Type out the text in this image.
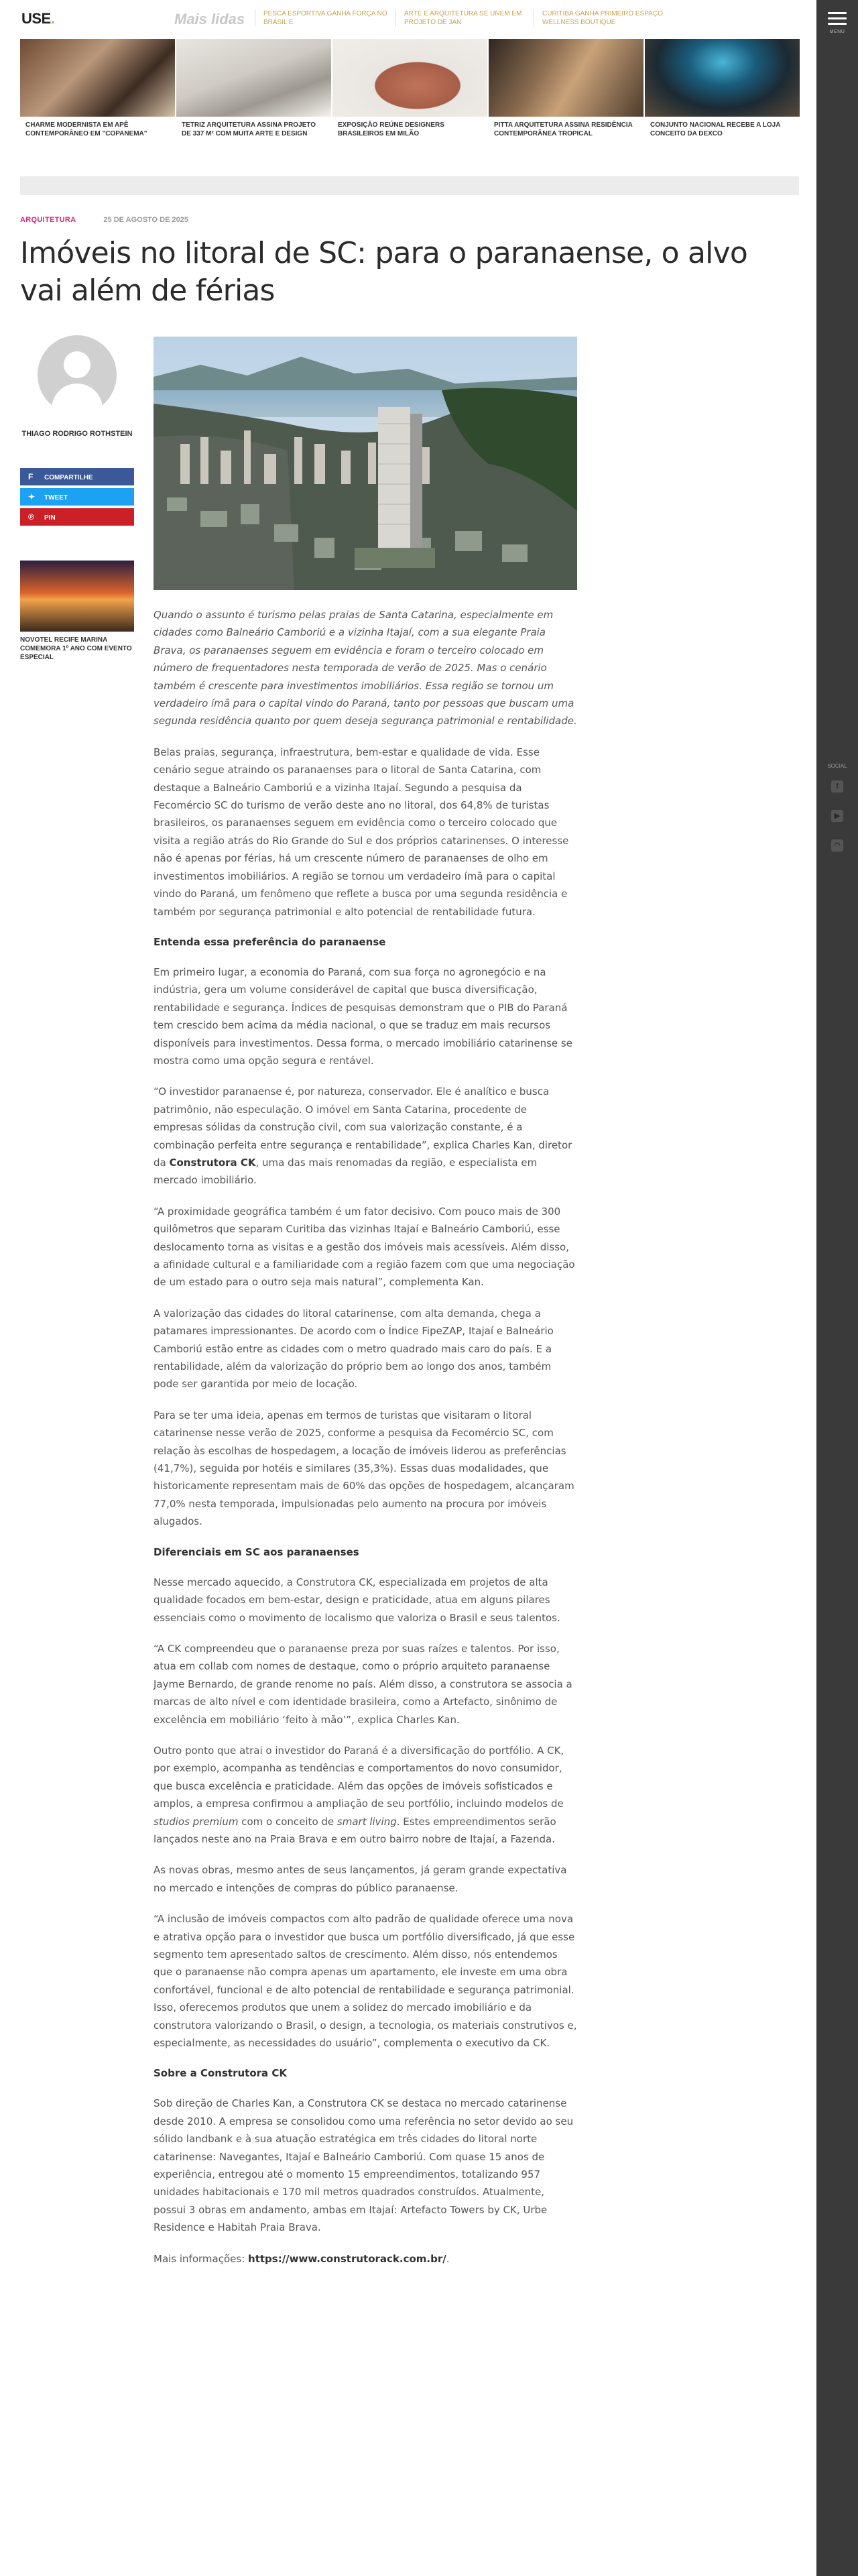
USE.	Mais lidas	PESCA ESPORTIVA GANHA FORÇA NO BRASIL E
ARTE E ARQUITETURA SE UNEM EM PROJETO DE JAN
CURITIBA GANHA PRIMEIRO ESPAÇO WELLNESS BOUTIQUE
MENU
SOCIAL
f
▶
◠
CHARME MODERNISTA EM APÊ CONTEMPORÂNEO EM "COPANEMA"
TETRIZ ARQUITETURA ASSINA PROJETO DE 337 M² COM MUITA ARTE E DESIGN
EXPOSIÇÃO REÚNE DESIGNERS BRASILEIROS EM MILÃO
PITTA ARQUITETURA ASSINA RESIDÊNCIA CONTEMPORÂNEA TROPICAL
CONJUNTO NACIONAL RECEBE A LOJA CONCEITO DA DEXCO
ARQUITETURA	25 DE AGOSTO DE 2025
Imóveis no litoral de SC: para o paranaense, o alvo vai além de férias
THIAGO RODRIGO ROTHSTEIN
F COMPARTILHE
✦ TWEET
℗ PIN
NOVOTEL RECIFE MARINA COMEMORA 1º ANO COM EVENTO ESPECIAL

Quando o assunto é turismo pelas praias de Santa Catarina, especialmente em cidades como Balneário Camboriú e a vizinha Itajaí, com a sua elegante Praia Brava, os paranaenses seguem em evidência e foram o terceiro colocado em número de frequentadores nesta temporada de verão de 2025. Mas o cenário também é crescente para investimentos imobiliários. Essa região se tornou um verdadeiro ímã para o capital vindo do Paraná, tanto por pessoas que buscam uma segunda residência quanto por quem deseja segurança patrimonial e rentabilidade.

Belas praias, segurança, infraestrutura, bem-estar e qualidade de vida. Esse cenário segue atraindo os paranaenses para o litoral de Santa Catarina, com destaque a Balneário Camboriú e a vizinha Itajaí. Segundo a pesquisa da Fecomércio SC do turismo de verão deste ano no litoral, dos 64,8% de turistas brasileiros, os paranaenses seguem em evidência como o terceiro colocado que visita a região atrás do Rio Grande do Sul e dos próprios catarinenses. O interesse não é apenas por férias, há um crescente número de paranaenses de olho em investimentos imobiliários. A região se tornou um verdadeiro ímã para o capital vindo do Paraná, um fenômeno que reflete a busca por uma segunda residência e também por segurança patrimonial e alto potencial de rentabilidade futura.

Entenda essa preferência do paranaense

Em primeiro lugar, a economia do Paraná, com sua força no agronegócio e na indústria, gera um volume considerável de capital que busca diversificação, rentabilidade e segurança. Índices de pesquisas demonstram que o PIB do Paraná tem crescido bem acima da média nacional, o que se traduz em mais recursos disponíveis para investimentos. Dessa forma, o mercado imobiliário catarinense se mostra como uma opção segura e rentável.

“O investidor paranaense é, por natureza, conservador. Ele é analítico e busca patrimônio, não especulação. O imóvel em Santa Catarina, procedente de empresas sólidas da construção civil, com sua valorização constante, é a combinação perfeita entre segurança e rentabilidade”, explica Charles Kan, diretor da Construtora CK, uma das mais renomadas da região, e especialista em mercado imobiliário.

“A proximidade geográfica também é um fator decisivo. Com pouco mais de 300 quilômetros que separam Curitiba das vizinhas Itajaí e Balneário Camboriú, esse deslocamento torna as visitas e a gestão dos imóveis mais acessíveis. Além disso, a afinidade cultural e a familiaridade com a região fazem com que uma negociação de um estado para o outro seja mais natural”, complementa Kan.

A valorização das cidades do litoral catarinense, com alta demanda, chega a patamares impressionantes. De acordo com o Índice FipeZAP, Itajaí e Balneário Camboriú estão entre as cidades com o metro quadrado mais caro do país. E a rentabilidade, além da valorização do próprio bem ao longo dos anos, também pode ser garantida por meio de locação.

Para se ter uma ideia, apenas em termos de turistas que visitaram o litoral catarinense nesse verão de 2025, conforme a pesquisa da Fecomércio SC, com relação às escolhas de hospedagem, a locação de imóveis liderou as preferências (41,7%), seguida por hotéis e similares (35,3%). Essas duas modalidades, que historicamente representam mais de 60% das opções de hospedagem, alcançaram 77,0% nesta temporada, impulsionadas pelo aumento na procura por imóveis alugados.

Diferenciais em SC aos paranaenses

Nesse mercado aquecido, a Construtora CK, especializada em projetos de alta qualidade focados em bem-estar, design e praticidade, atua em alguns pilares essenciais como o movimento de localismo que valoriza o Brasil e seus talentos.

“A CK compreendeu que o paranaense preza por suas raízes e talentos. Por isso, atua em collab com nomes de destaque, como o próprio arquiteto paranaense Jayme Bernardo, de grande renome no país. Além disso, a construtora se associa a marcas de alto nível e com identidade brasileira, como a Artefacto, sinônimo de excelência em mobiliário ‘feito à mão’”, explica Charles Kan.

Outro ponto que atrai o investidor do Paraná é a diversificação do portfólio. A CK, por exemplo, acompanha as tendências e comportamentos do novo consumidor, que busca excelência e praticidade. Além das opções de imóveis sofisticados e amplos, a empresa confirmou a ampliação de seu portfólio, incluindo modelos de studios premium com o conceito de smart living. Estes empreendimentos serão lançados neste ano na Praia Brava e em outro bairro nobre de Itajaí, a Fazenda.

As novas obras, mesmo antes de seus lançamentos, já geram grande expectativa no mercado e intenções de compras do público paranaense.

“A inclusão de imóveis compactos com alto padrão de qualidade oferece uma nova e atrativa opção para o investidor que busca um portfólio diversificado, já que esse segmento tem apresentado saltos de crescimento. Além disso, nós entendemos que o paranaense não compra apenas um apartamento, ele investe em uma obra confortável, funcional e de alto potencial de rentabilidade e segurança patrimonial. Isso, oferecemos produtos que unem a solidez do mercado imobiliário e da construtora valorizando o Brasil, o design, a tecnologia, os materiais construtivos e, especialmente, as necessidades do usuário”, complementa o executivo da CK.

Sobre a Construtora CK

Sob direção de Charles Kan, a Construtora CK se destaca no mercado catarinense desde 2010. A empresa se consolidou como uma referência no setor devido ao seu sólido landbank e à sua atuação estratégica em três cidades do litoral norte catarinense: Navegantes, Itajaí e Balneário Camboriú. Com quase 15 anos de experiência, entregou até o momento 15 empreendimentos, totalizando 957 unidades habitacionais e 170 mil metros quadrados construídos. Atualmente, possui 3 obras em andamento, ambas em Itajaí: Artefacto Towers by CK, Urbe Residence e Habitah Praia Brava.

Mais informações: https://www.construtorack.com.br/.
